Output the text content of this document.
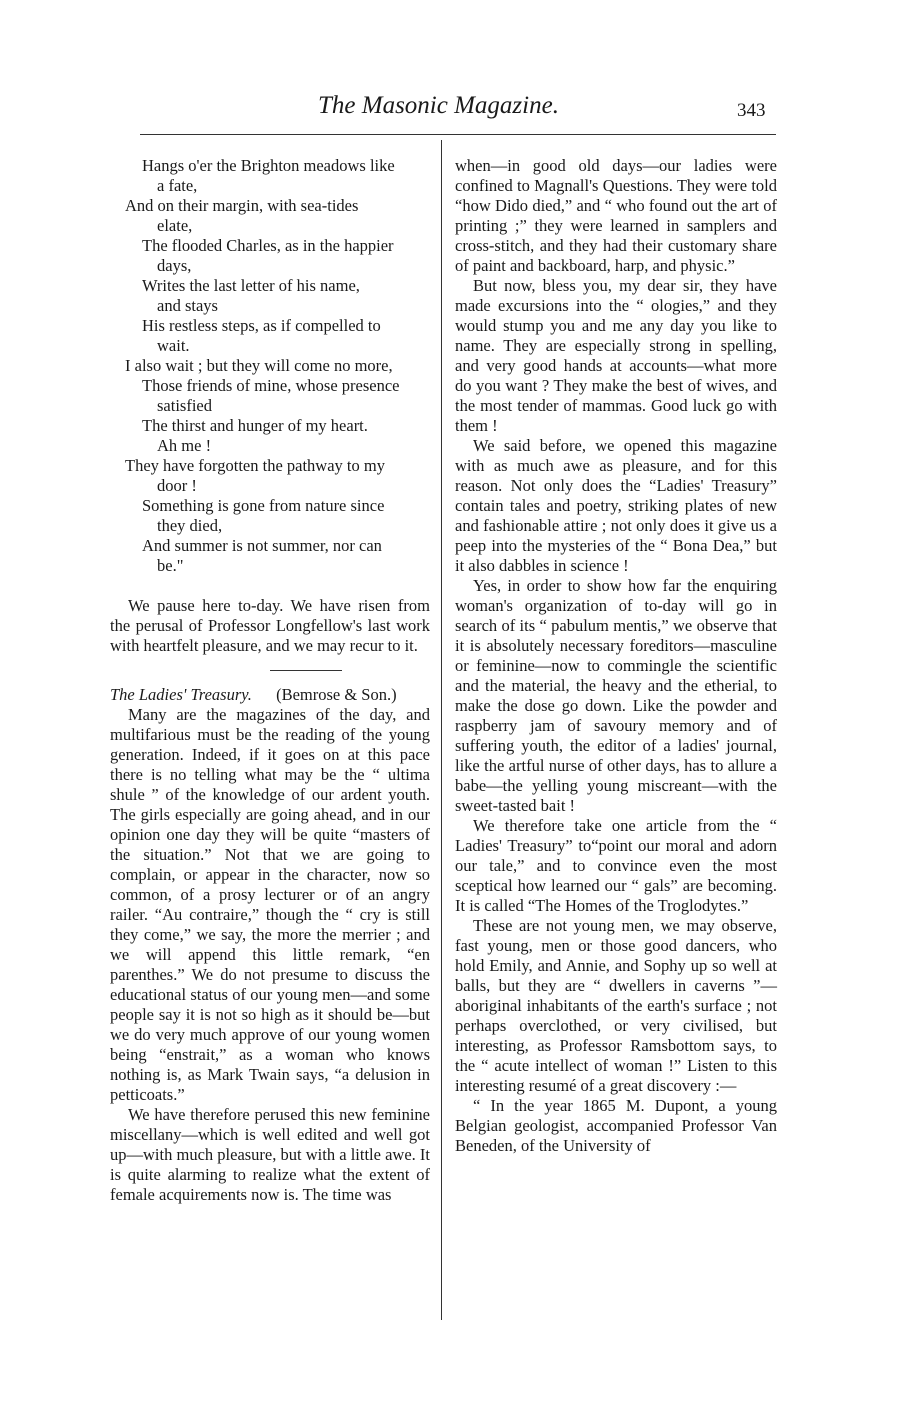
The Masonic Magazine.	343
Hangs o'er the Brighton meadows like
a fate,
And on their margin, with sea-tides
elate,
The flooded Charles, as in the happier
days,
Writes the last letter of his name,
and stays
His restless steps, as if compelled to
wait.
I also wait ; but they will come no more,
Those friends of mine, whose presence
satisfied
The thirst and hunger of my heart.
Ah me !
They have forgotten the pathway to my
door !
Something is gone from nature since
they died,
And summer is not summer, nor can
be."

We pause here to-day. We have risen from the perusal of Professor Longfellow's last work with heartfelt pleasure, and we may recur to it.

The Ladies' Treasury. (Bemrose & Son.)

Many are the magazines of the day, and multifarious must be the reading of the young generation. Indeed, if it goes on at this pace there is no telling what may be the “ ultima shule ” of the knowledge of our ardent youth. The girls especially are going ahead, and in our opinion one day they will be quite “masters of the situation.” Not that we are going to complain, or appear in the character, now so common, of a prosy lecturer or of an angry railer. “Au contraire,” though the “ cry is still they come,” we say, the more the merrier ; and we will append this little remark, “en parenthes.” We do not presume to discuss the educational status of our young men—and some people say it is not so high as it should be—but we do very much approve of our young women being “enstrait,” as a woman who knows nothing is, as Mark Twain says, “a delusion in petticoats.”

We have therefore perused this new feminine miscellany—which is well edited and well got up—with much pleasure, but with a little awe. It is quite alarming to realize what the extent of female acquirements now is. The time was

when—in good old days—our ladies were confined to Magnall's Questions. They were told “how Dido died,” and “ who found out the art of printing ;” they were learned in samplers and cross-stitch, and they had their customary share of paint and backboard, harp, and physic.”

But now, bless you, my dear sir, they have made excursions into the “ ologies,” and they would stump you and me any day you like to name. They are especially strong in spelling, and very good hands at accounts—what more do you want ? They make the best of wives, and the most tender of mammas. Good luck go with them !

We said before, we opened this magazine with as much awe as pleasure, and for this reason. Not only does the “Ladies' Treasury” contain tales and poetry, striking plates of new and fashionable attire ; not only does it give us a peep into the mysteries of the “ Bona Dea,” but it also dabbles in science !

Yes, in order to show how far the enquiring woman's organization of to-day will go in search of its “ pabulum mentis,” we observe that it is absolutely necessary foreditors—masculine or feminine—now to commingle the scientific and the material, the heavy and the etherial, to make the dose go down. Like the powder and raspberry jam of savoury memory and of suffering youth, the editor of a ladies' journal, like the artful nurse of other days, has to allure a babe—the yelling young miscreant—with the sweet-tasted bait !

We therefore take one article from the “ Ladies' Treasury” to“point our moral and adorn our tale,” and to convince even the most sceptical how learned our “ gals” are becoming. It is called “The Homes of the Troglodytes.”

These are not young men, we may observe, fast young, men or those good dancers, who hold Emily, and Annie, and Sophy up so well at balls, but they are “ dwellers in caverns ”—aboriginal inhabitants of the earth's surface ; not perhaps overclothed, or very civilised, but interesting, as Professor Ramsbottom says, to the “ acute intellect of woman !” Listen to this interesting resumé of a great discovery :—

“ In the year 1865 M. Dupont, a young Belgian geologist, accompanied Professor Van Beneden, of the University of
